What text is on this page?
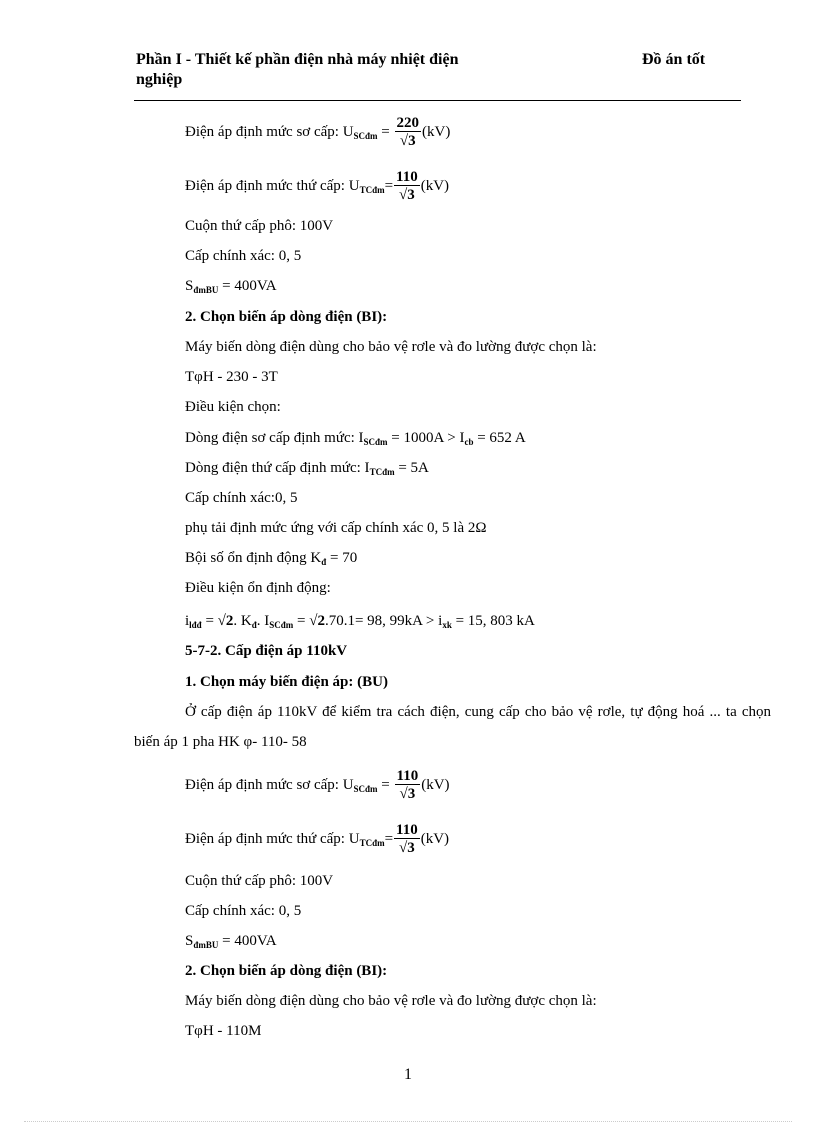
Phần I - Thiết kế phần điện nhà máy nhiệt điện nghiệp
Đồ án tốt
Điện áp định mức sơ cấp: $U_{SCđm} = \frac{220}{√3} (kV)$
Điện áp định mức thứ cấp: $U_{TCđm}= \frac{110}{√3} (kV)$
Cuộn thứ cấp phô: 100V
Cấp chính xác: 0, 5
$S_{đmBU} = 400VA$
2. Chọn biến áp dòng điện (BI):
Máy biến dòng điện dùng cho bảo vệ rơle và đo lường được chọn là:
TφH - 230 - 3T
Điều kiện chọn:
Dòng điện sơ cấp định mức: $I_{SCđm} = 1000A > I_{cb} = 652$ A
Dòng điện thứ cấp định mức: $I_{TCđm} = 5A$
Cấp chính xác:0, 5
phụ tải định mức ứng với cấp chính xác 0, 5 là 2Ω
Bội số ổn định động $K_đ = 70$
Điều kiện ổn định động:
$i_{lđđ} = √2$. $K_đ$. $I_{SCđm} = √2.70.1= 98$, $99kA > i_{xk} = 15$, 803 kA
5-7-2. Cấp điện áp 110kV
1. Chọn máy biến điện áp: (BU)
Ở cấp điện áp 110kV để kiểm tra cách điện, cung cấp cho bảo vệ rơle, tự động hoá ... ta chọn biến áp 1 pha HK φ- 110- 58
Điện áp định mức sơ cấp: $U_{SCđm} = \frac{110}{√3} (kV)$
Điện áp định mức thứ cấp: $U_{TCđm}= \frac{110}{√3} (kV)$
Cuộn thứ cấp phô: 100V
Cấp chính xác: 0, 5
$S_{đmBU} = 400VA$
2. Chọn biến áp dòng điện (BI):
Máy biến dòng điện dùng cho bảo vệ rơle và đo lường được chọn là:
TφH - 110M
1
